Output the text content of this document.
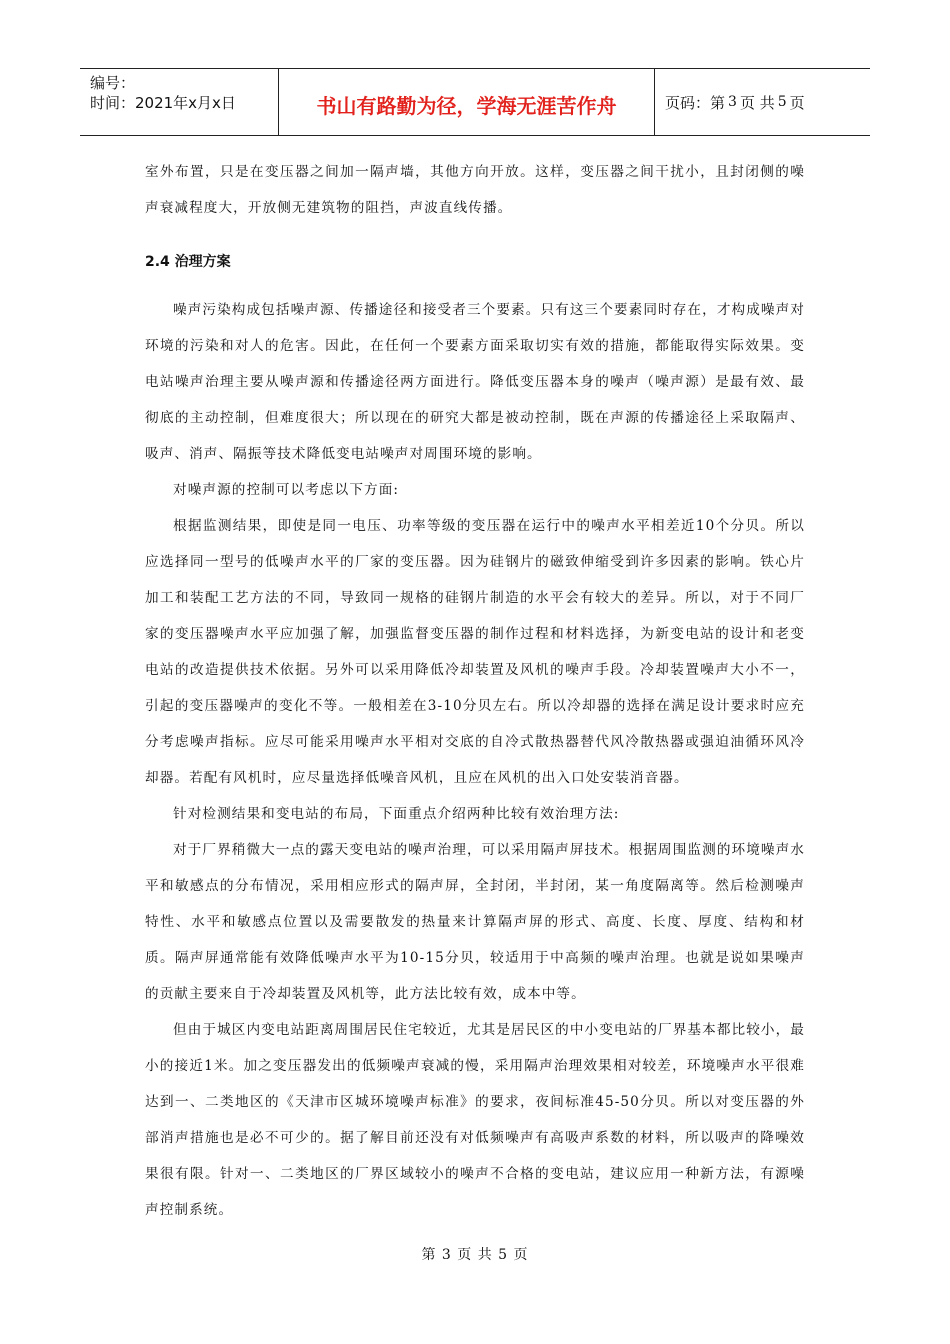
编号：
时间：2021年x月x日	书山有路勤为径，学海无涯苦作舟	页码：第 3 页 共 5 页

室外布置，只是在变压器之间加一隔声墙，其他方向开放。这样，变压器之间干扰小，且封闭侧的噪声衰减程度大，开放侧无建筑物的阻挡，声波直线传播。

2.4 治理方案

噪声污染构成包括噪声源、传播途径和接受者三个要素。只有这三个要素同时存在，才构成噪声对环境的污染和对人的危害。因此，在任何一个要素方面采取切实有效的措施，都能取得实际效果。变电站噪声治理主要从噪声源和传播途径两方面进行。降低变压器本身的噪声（噪声源）是最有效、最彻底的主动控制，但难度很大；所以现在的研究大都是被动控制，既在声源的传播途径上采取隔声、吸声、消声、隔振等技术降低变电站噪声对周围环境的影响。

对噪声源的控制可以考虑以下方面:

根据监测结果，即使是同一电压、功率等级的变压器在运行中的噪声水平相差近10个分贝。所以应选择同一型号的低噪声水平的厂家的变压器。因为硅钢片的磁致伸缩受到许多因素的影响。铁心片加工和装配工艺方法的不同，导致同一规格的硅钢片制造的水平会有较大的差异。所以，对于不同厂家的变压器噪声水平应加强了解，加强监督变压器的制作过程和材料选择，为新变电站的设计和老变电站的改造提供技术依据。另外可以采用降低冷却装置及风机的噪声手段。冷却装置噪声大小不一，引起的变压器噪声的变化不等。一般相差在3-10分贝左右。所以冷却器的选择在满足设计要求时应充分考虑噪声指标。应尽可能采用噪声水平相对交底的自冷式散热器替代风冷散热器或强迫油循环风冷却器。若配有风机时，应尽量选择低噪音风机，且应在风机的出入口处安装消音器。

针对检测结果和变电站的布局，下面重点介绍两种比较有效治理方法:

对于厂界稍微大一点的露天变电站的噪声治理，可以采用隔声屏技术。根据周围监测的环境噪声水平和敏感点的分布情况，采用相应形式的隔声屏，全封闭，半封闭，某一角度隔离等。然后检测噪声特性、水平和敏感点位置以及需要散发的热量来计算隔声屏的形式、高度、长度、厚度、结构和材质。隔声屏通常能有效降低噪声水平为10-15分贝，较适用于中高频的噪声治理。也就是说如果噪声的贡献主要来自于冷却装置及风机等，此方法比较有效，成本中等。

但由于城区内变电站距离周围居民住宅较近，尤其是居民区的中小变电站的厂界基本都比较小，最小的接近1米。加之变压器发出的低频噪声衰减的慢，采用隔声治理效果相对较差，环境噪声水平很难达到一、二类地区的《天津市区城环境噪声标准》的要求，夜间标准45-50分贝。所以对变压器的外部消声措施也是必不可少的。据了解目前还没有对低频噪声有高吸声系数的材料，所以吸声的降噪效果很有限。针对一、二类地区的厂界区域较小的噪声不合格的变电站，建议应用一种新方法，有源噪声控制系统。

第 3 页 共 5 页
